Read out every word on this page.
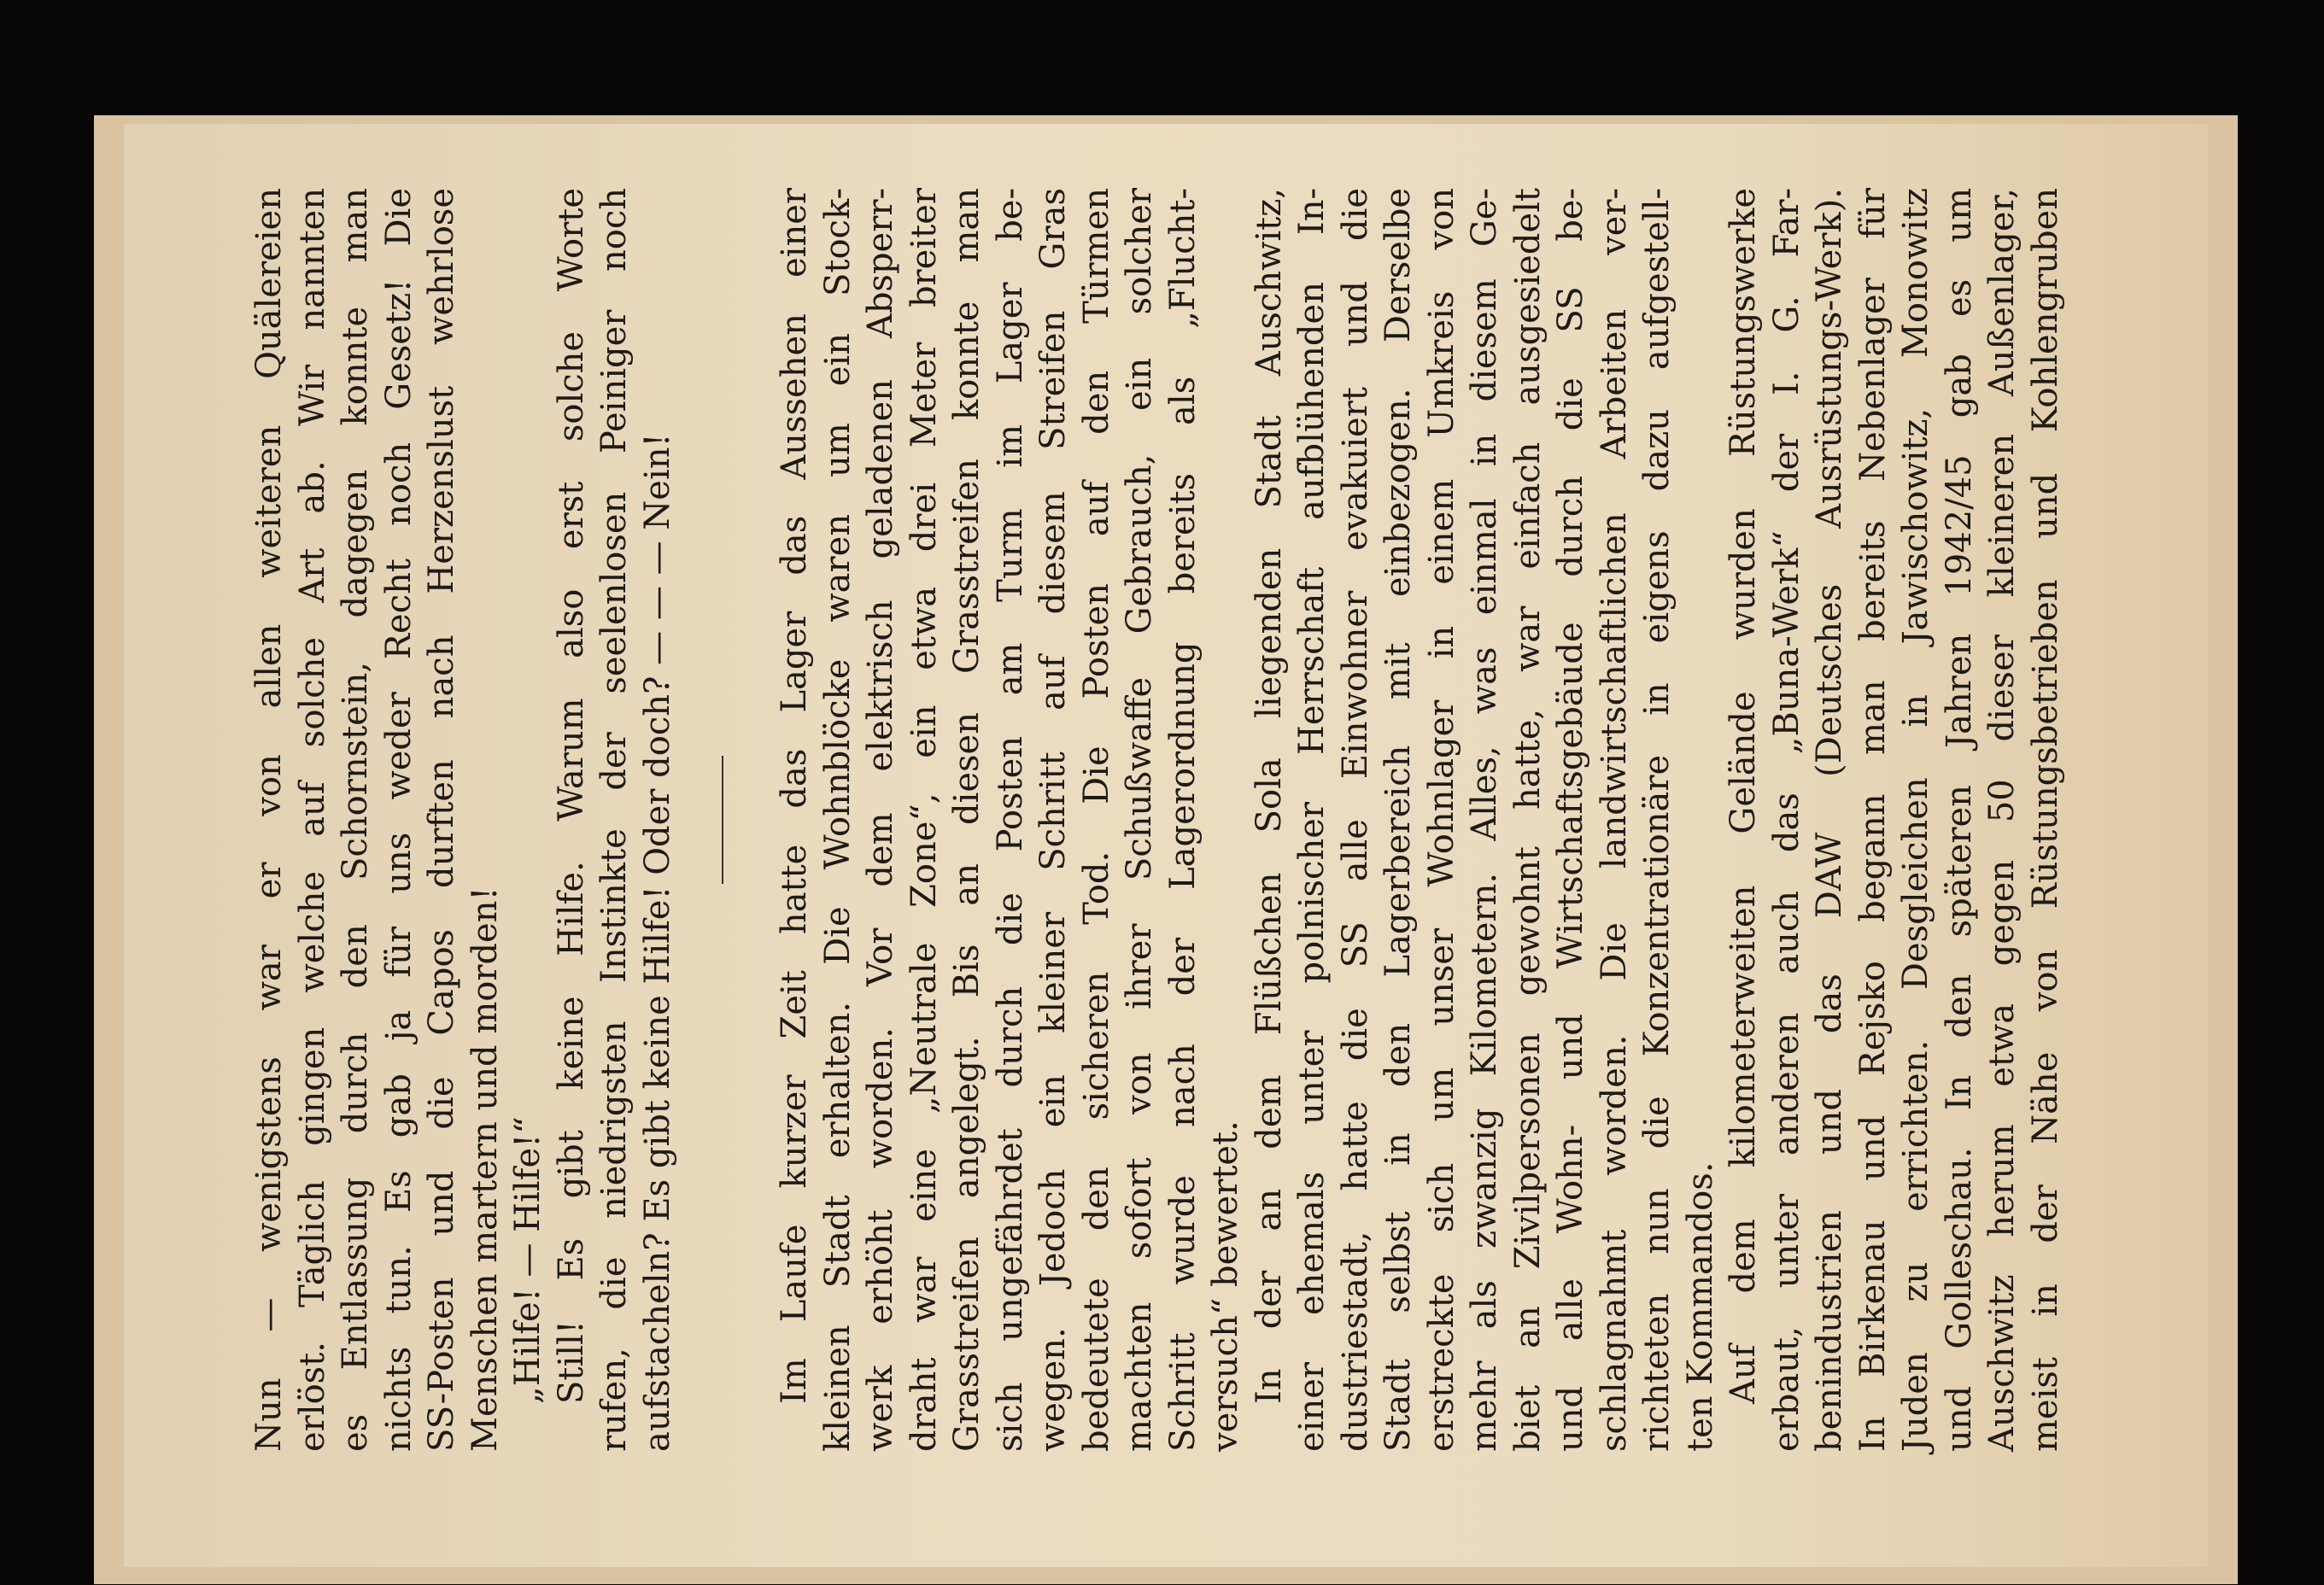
Nun — wenigstens war er von allen weiteren Quälereien erlöst. Täglich gingen welche auf solche Art ab. Wir nannten es Entlassung durch den Schornstein, dagegen konnte man nichts tun. Es gab ja für uns weder Recht noch Gesetz! Die SS-Posten und die Capos durften nach Herzenslust wehrlose Menschen martern und morden! „Hilfe! — Hilfe!“ Still! Es gibt keine Hilfe. Warum also erst solche Worte rufen, die niedrigsten Instinkte der seelenlosen Peiniger noch aufstacheln? Es gibt keine Hilfe! Oder doch? — — — Nein!	Im Laufe kurzer Zeit hatte das Lager das Aussehen einer kleinen Stadt erhalten. Die Wohnblöcke waren um ein Stock- werk erhöht worden. Vor dem elektrisch geladenen Absperr- draht war eine „Neutrale Zone“, ein etwa drei Meter breiter Grasstreifen angelegt. Bis an diesen Grasstreifen konnte man sich ungefährdet durch die Posten am Turm im Lager be- wegen. Jedoch ein kleiner Schritt auf diesem Streifen Gras bedeutete den sicheren Tod. Die Posten auf den Türmen machten sofort von ihrer Schußwaffe Gebrauch, ein solcher Schritt wurde nach der Lagerordnung bereits als „Flucht- versuch“ bewertet. In der an dem Flüßchen Sola liegenden Stadt Auschwitz, einer ehemals unter polnischer Herrschaft aufblühenden In- dustriestadt, hatte die SS alle Einwohner evakuiert und die Stadt selbst in den Lagerbereich mit einbezogen. Derselbe erstreckte sich um unser Wohnlager in einem Umkreis von mehr als zwanzig Kilometern. Alles, was einmal in diesem Ge- biet an Zivilpersonen gewohnt hatte, war einfach ausgesiedelt und alle Wohn- und Wirtschaftsgebäude durch die SS be- schlagnahmt worden. Die landwirtschaftlichen Arbeiten ver- richteten nun die Konzentrationäre in eigens dazu aufgestell- ten Kommandos. Auf dem kilometerweiten Gelände wurden Rüstungswerke erbaut, unter anderen auch das „Buna-Werk“ der I. G. Far- benindustrien und das DAW (Deutsches Ausrüstungs-Werk). In Birkenau und Rejsko begann man bereits Nebenlager für Juden zu errichten. Desgleichen in Jawischowitz, Monowitz und Golleschau. In den späteren Jahren 1942/45 gab es um Auschwitz herum etwa gegen 50 dieser kleineren Außenlager, meist in der Nähe von Rüstungsbetrieben und Kohlengruben
